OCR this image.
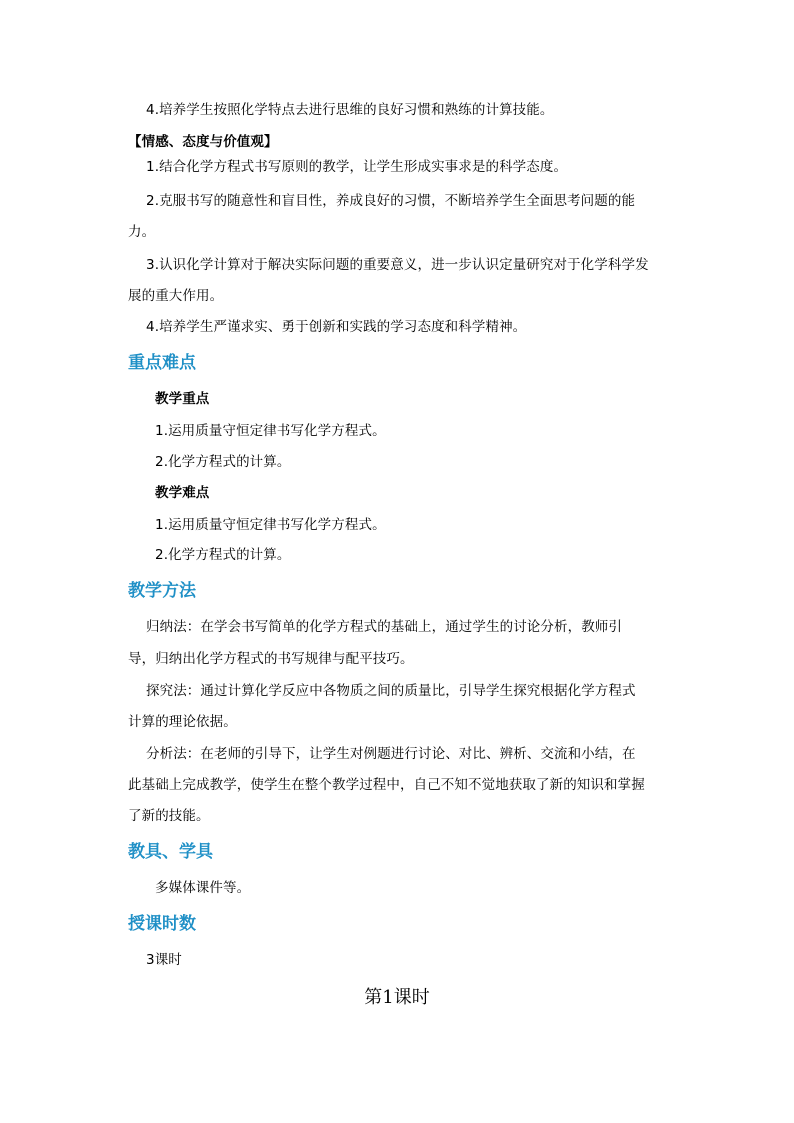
4.培养学生按照化学特点去进行思维的良好习惯和熟练的计算技能。
【情感、态度与价值观】
1.结合化学方程式书写原则的教学，让学生形成实事求是的科学态度。
2.克服书写的随意性和盲目性，养成良好的习惯，不断培养学生全面思考问题的能
力。
3.认识化学计算对于解决实际问题的重要意义，进一步认识定量研究对于化学科学发
展的重大作用。
4.培养学生严谨求实、勇于创新和实践的学习态度和科学精神。
重点难点
教学重点
1.运用质量守恒定律书写化学方程式。
2.化学方程式的计算。
教学难点
1.运用质量守恒定律书写化学方程式。
2.化学方程式的计算。
教学方法
归纳法：在学会书写简单的化学方程式的基础上，通过学生的讨论分析，教师引
导，归纳出化学方程式的书写规律与配平技巧。
探究法：通过计算化学反应中各物质之间的质量比，引导学生探究根据化学方程式
计算的理论依据。
分析法：在老师的引导下，让学生对例题进行讨论、对比、辨析、交流和小结，在
此基础上完成教学，使学生在整个教学过程中，自己不知不觉地获取了新的知识和掌握
了新的技能。
教具、学具
多媒体课件等。
授课时数
3课时
第1课时
